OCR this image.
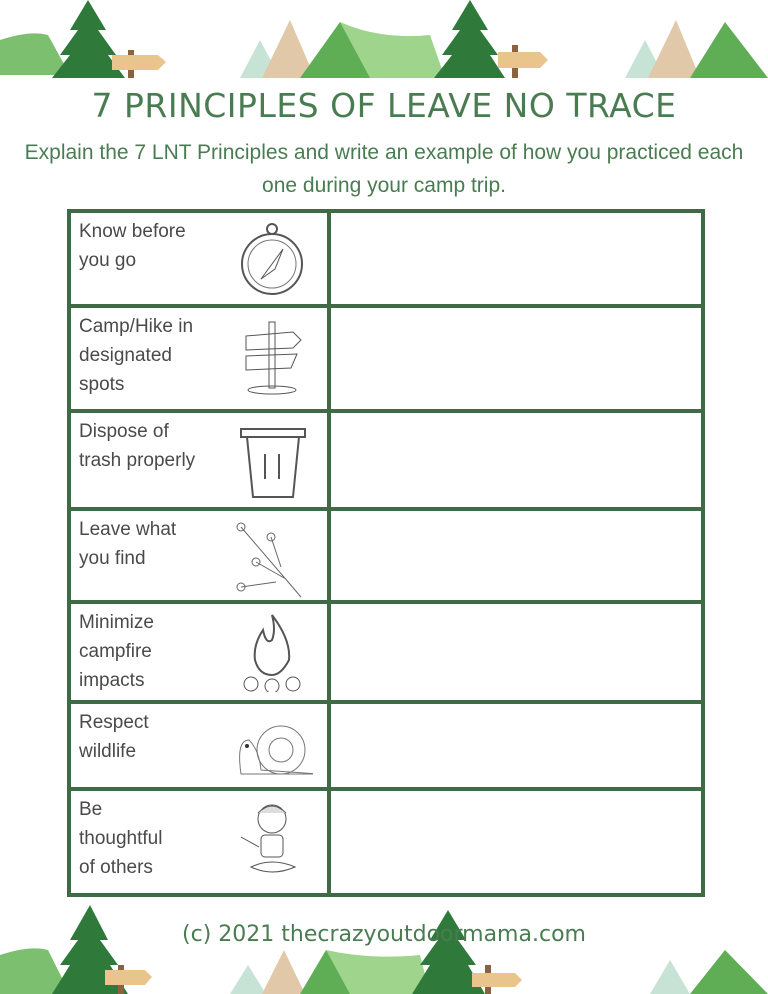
7 PRINCIPLES OF LEAVE NO TRACE
Explain the 7 LNT Principles and write an example of how you practiced each one during your camp trip.
Know before
you go	

Camp/Hike in
designated
spots	

Dispose of
trash properly	

Leave what
you find	

Minimize
campfire
impacts	

Respect
wildlife	

Be
thoughtful
of others	

(c) 2021 thecrazyoutdoormama.com
